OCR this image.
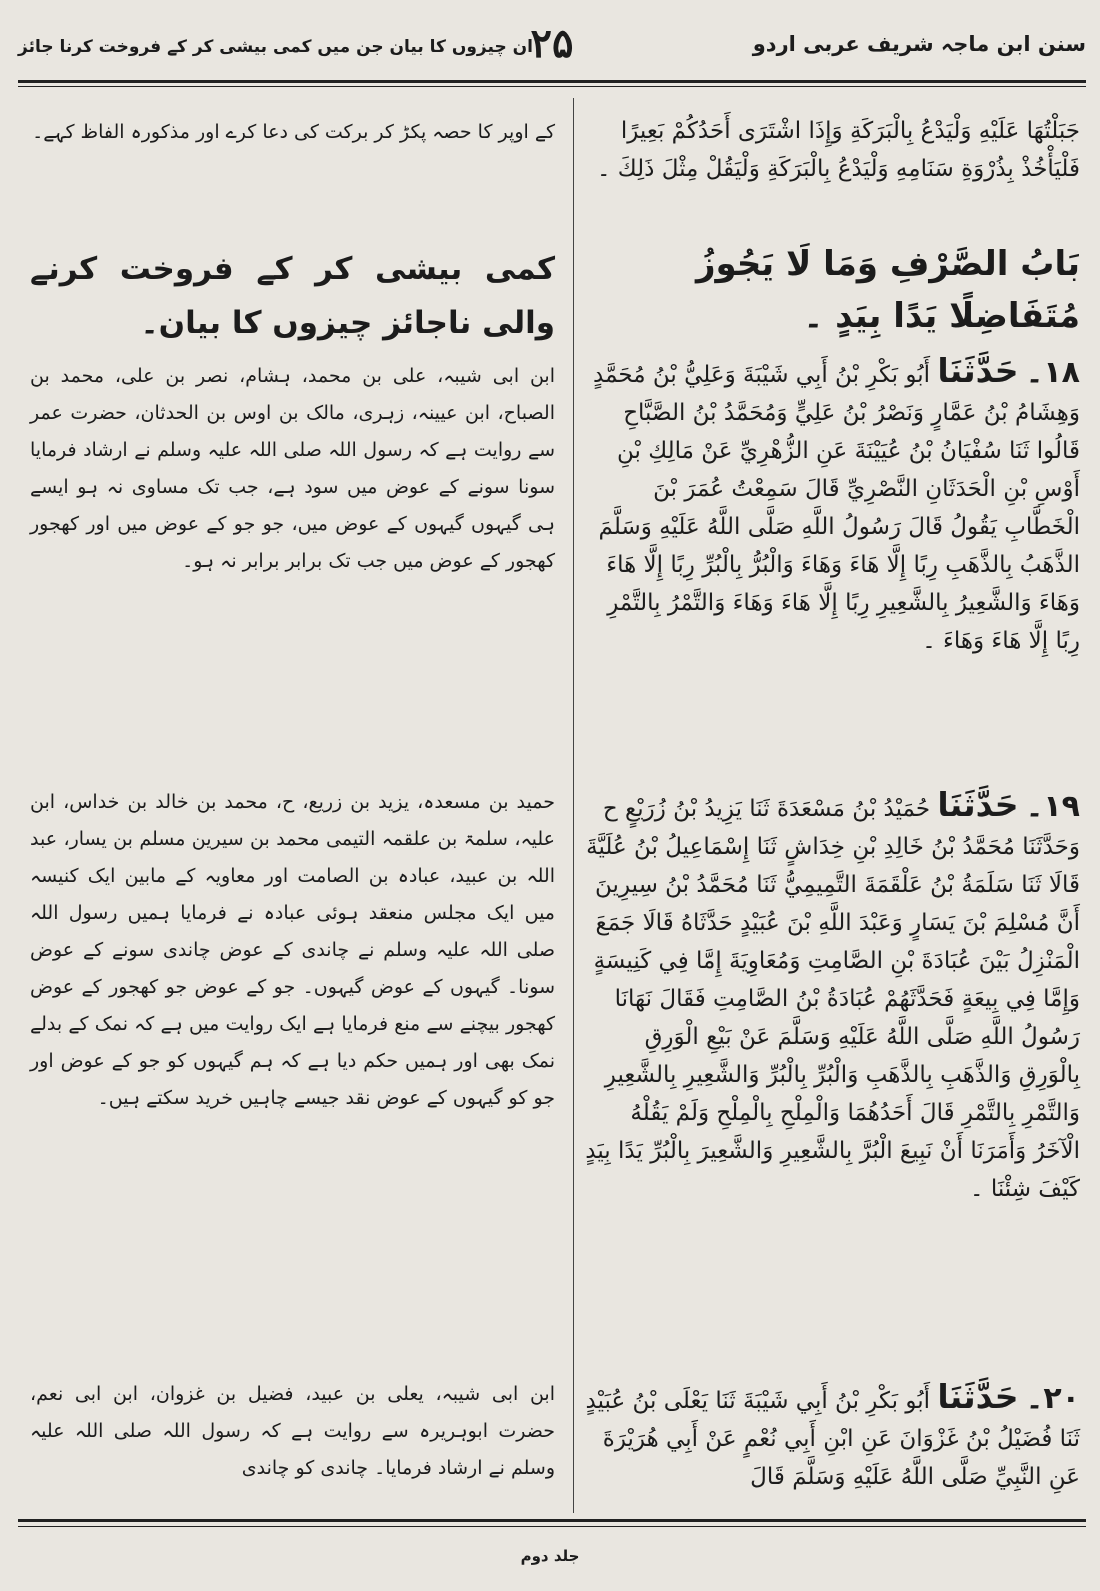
سنن ابن ماجہ شریف عربی اردو
۲۵
ان چیزوں کا بیان جن میں کمی بیشی کر کے فروخت کرنا جائز
جَبَلْتُهَا عَلَيْهِ وَلْيَدْعُ بِالْبَرَكَةِ وَإِذَا اشْتَرَى أَحَدُكُمْ بَعِيرًا فَلْيَأْخُذْ بِذُرْوَةِ سَنَامِهِ وَلْيَدْعُ بِالْبَرَكَةِ وَلْيَقُلْ مِثْلَ ذَلِكَ ۔
بَابُ الصَّرْفِ وَمَا لَا يَجُوزُ مُتَفَاضِلًا يَدًا بِيَدٍ ۔
۱۸۔ حَدَّثَنَا أَبُو بَكْرِ بْنُ أَبِي شَيْبَةَ وَعَلِيُّ بْنُ مُحَمَّدٍ وَهِشَامُ بْنُ عَمَّارٍ وَنَصْرُ بْنُ عَلِيٍّ وَمُحَمَّدُ بْنُ الصَّبَّاحِ قَالُوا ثَنَا سُفْيَانُ بْنُ عُيَيْنَةَ عَنِ الزُّهْرِيِّ عَنْ مَالِكِ بْنِ أَوْسِ بْنِ الْحَدَثَانِ النَّصْرِيِّ قَالَ سَمِعْتُ عُمَرَ بْنَ الْخَطَّابِ يَقُولُ قَالَ رَسُولُ اللَّهِ صَلَّى اللَّهُ عَلَيْهِ وَسَلَّمَ الذَّهَبُ بِالذَّهَبِ رِبًا إِلَّا هَاءَ وَهَاءَ وَالْبُرُّ بِالْبُرِّ رِبًا إِلَّا هَاءَ وَهَاءَ وَالشَّعِيرُ بِالشَّعِيرِ رِبًا إِلَّا هَاءَ وَهَاءَ وَالتَّمْرُ بِالتَّمْرِ رِبًا إِلَّا هَاءَ وَهَاءَ ۔
۱۹۔ حَدَّثَنَا حُمَيْدُ بْنُ مَسْعَدَةَ ثَنَا يَزِيدُ بْنُ زُرَيْعٍ ح وَحَدَّثَنَا مُحَمَّدُ بْنُ خَالِدِ بْنِ خِدَاشٍ ثَنَا إِسْمَاعِيلُ بْنُ عُلَيَّةَ قَالَا ثَنَا سَلَمَةُ بْنُ عَلْقَمَةَ التَّمِيمِيُّ ثَنَا مُحَمَّدُ بْنُ سِيرِينَ أَنَّ مُسْلِمَ بْنَ يَسَارٍ وَعَبْدَ اللَّهِ بْنَ عُبَيْدٍ حَدَّثَاهُ قَالَا جَمَعَ الْمَنْزِلُ بَيْنَ عُبَادَةَ بْنِ الصَّامِتِ وَمُعَاوِيَةَ إِمَّا فِي كَنِيسَةٍ وَإِمَّا فِي بِيعَةٍ فَحَدَّثَهُمْ عُبَادَةُ بْنُ الصَّامِتِ فَقَالَ نَهَانَا رَسُولُ اللَّهِ صَلَّى اللَّهُ عَلَيْهِ وَسَلَّمَ عَنْ بَيْعِ الْوَرِقِ بِالْوَرِقِ وَالذَّهَبِ بِالذَّهَبِ وَالْبُرِّ بِالْبُرِّ وَالشَّعِيرِ بِالشَّعِيرِ وَالتَّمْرِ بِالتَّمْرِ قَالَ أَحَدُهُمَا وَالْمِلْحِ بِالْمِلْحِ وَلَمْ يَقُلْهُ الْآخَرُ وَأَمَرَنَا أَنْ نَبِيعَ الْبُرَّ بِالشَّعِيرِ وَالشَّعِيرَ بِالْبُرِّ يَدًا بِيَدٍ كَيْفَ شِئْنَا ۔
۲۰۔ حَدَّثَنَا أَبُو بَكْرِ بْنُ أَبِي شَيْبَةَ ثَنَا يَعْلَى بْنُ عُبَيْدٍ ثَنَا فُضَيْلُ بْنُ غَزْوَانَ عَنِ ابْنِ أَبِي نُعْمٍ عَنْ أَبِي هُرَيْرَةَ عَنِ النَّبِيِّ صَلَّى اللَّهُ عَلَيْهِ وَسَلَّمَ قَالَ
کے اوپر کا حصہ پکڑ کر برکت کی دعا کرے اور مذکورہ الفاظ کہے۔
کمی بیشی کر کے فروخت کرنے والی ناجائز چیزوں کا بیان۔
ابن ابی شیبہ، علی بن محمد، ہشام، نصر بن علی، محمد بن الصباح، ابن عیینہ، زہری، مالک بن اوس بن الحدثان، حضرت عمر سے روایت ہے کہ رسول اللہ صلی اللہ علیہ وسلم نے ارشاد فرمایا سونا سونے کے عوض میں سود ہے، جب تک مساوی نہ ہو ایسے ہی گیہوں گیہوں کے عوض میں، جو جو کے عوض میں اور کھجور کھجور کے عوض میں جب تک برابر برابر نہ ہو۔
حمید بن مسعدہ، یزید بن زریع، ح، محمد بن خالد بن خداس، ابن علیہ، سلمۃ بن علقمہ التیمی محمد بن سیرین مسلم بن یسار، عبد اللہ بن عبید، عبادہ بن الصامت اور معاویہ کے مابین ایک کنیسہ میں ایک مجلس منعقد ہوئی عبادہ نے فرمایا ہمیں رسول اللہ صلی اللہ علیہ وسلم نے چاندی کے عوض چاندی سونے کے عوض سونا۔ گیہوں کے عوض گیہوں۔ جو کے عوض جو کھجور کے عوض کھجور بیچنے سے منع فرمایا ہے ایک روایت میں ہے کہ نمک کے بدلے نمک بھی اور ہمیں حکم دیا ہے کہ ہم گیہوں کو جو کے عوض اور جو کو گیہوں کے عوض نقد جیسے چاہیں خرید سکتے ہیں۔
ابن ابی شیبہ، یعلی بن عبید، فضیل بن غزوان، ابن ابی نعم، حضرت ابوہریرہ سے روایت ہے کہ رسول اللہ صلی اللہ علیہ وسلم نے ارشاد فرمایا۔ چاندی کو چاندی
جلد دوم
